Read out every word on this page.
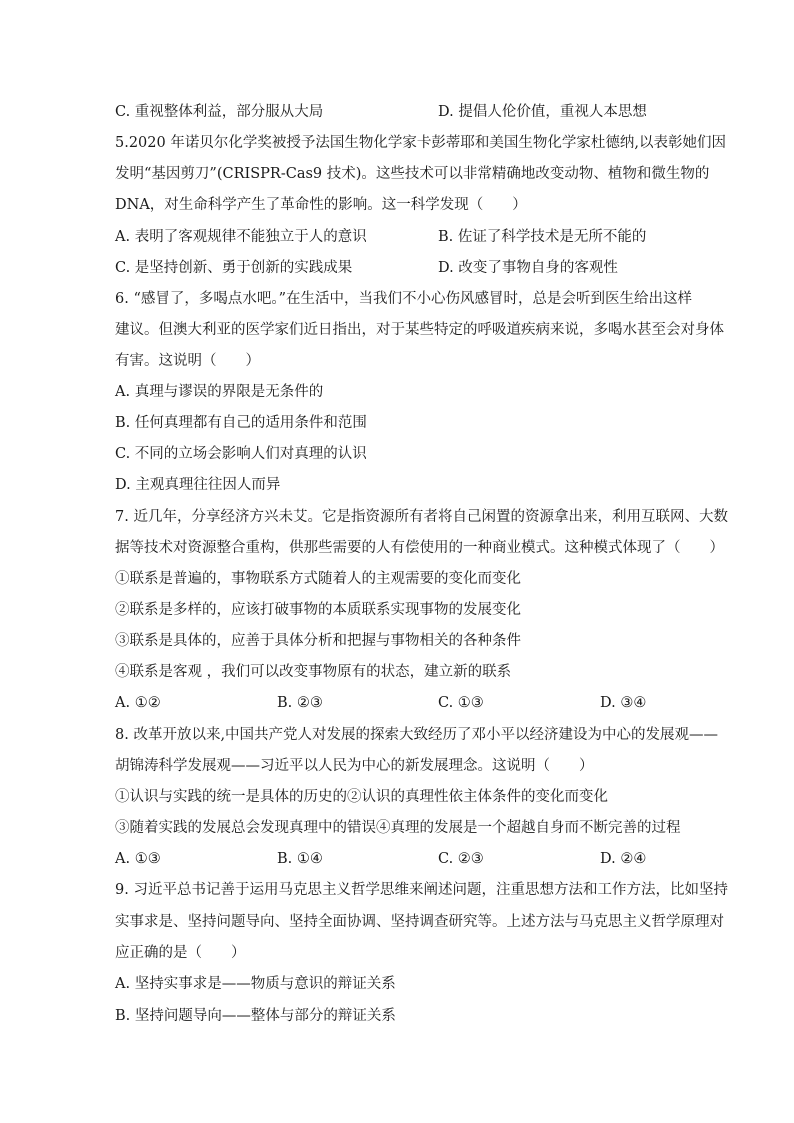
C. 重视整体利益，部分服从大局	D. 提倡人伦价值，重视人本思想
5.2020 年诺贝尔化学奖被授予法国生物化学家卡彭蒂耶和美国生物化学家杜德纳,以表彰她们因
发明“基因剪刀”(CRISPR-Cas9 技术)。这些技术可以非常精确地改变动物、植物和微生物的
DNA，对生命科学产生了革命性的影响。这一科学发现（　　）
A. 表明了客观规律不能独立于人的意识	B. 佐证了科学技术是无所不能的
C. 是坚持创新、勇于创新的实践成果	D. 改变了事物自身的客观性
6. “感冒了，多喝点水吧。”在生活中，当我们不小心伤风感冒时，总是会听到医生给出这样
建议。但澳大利亚的医学家们近日指出，对于某些特定的呼吸道疾病来说，多喝水甚至会对身体
有害。这说明（　　）
A. 真理与谬误的界限是无条件的
B. 任何真理都有自己的适用条件和范围
C. 不同的立场会影响人们对真理的认识
D. 主观真理往往因人而异
7. 近几年，分享经济方兴未艾。它是指资源所有者将自己闲置的资源拿出来，利用互联网、大数
据等技术对资源整合重构，供那些需要的人有偿使用的一种商业模式。这种模式体现了（　　）
①联系是普遍的，事物联系方式随着人的主观需要的变化而变化
②联系是多样的，应该打破事物的本质联系实现事物的发展变化
③联系是具体的，应善于具体分析和把握与事物相关的各种条件
④联系是客观 ，我们可以改变事物原有的状态，建立新的联系
A. ①②	B. ②③	C. ①③	D. ③④
8. 改革开放以来,中国共产党人对发展的探索大致经历了邓小平以经济建设为中心的发展观——
胡锦涛科学发展观——习近平以人民为中心的新发展理念。这说明（　　）
①认识与实践的统一是具体的历史的②认识的真理性依主体条件的变化而变化
③随着实践的发展总会发现真理中的错误④真理的发展是一个超越自身而不断完善的过程
A. ①③	B. ①④	C. ②③	D. ②④
9. 习近平总书记善于运用马克思主义哲学思维来阐述问题，注重思想方法和工作方法，比如坚持
实事求是、坚持问题导向、坚持全面协调、坚持调查研究等。上述方法与马克思主义哲学原理对
应正确的是（　　）
A. 坚持实事求是——物质与意识的辩证关系
B. 坚持问题导向——整体与部分的辩证关系
